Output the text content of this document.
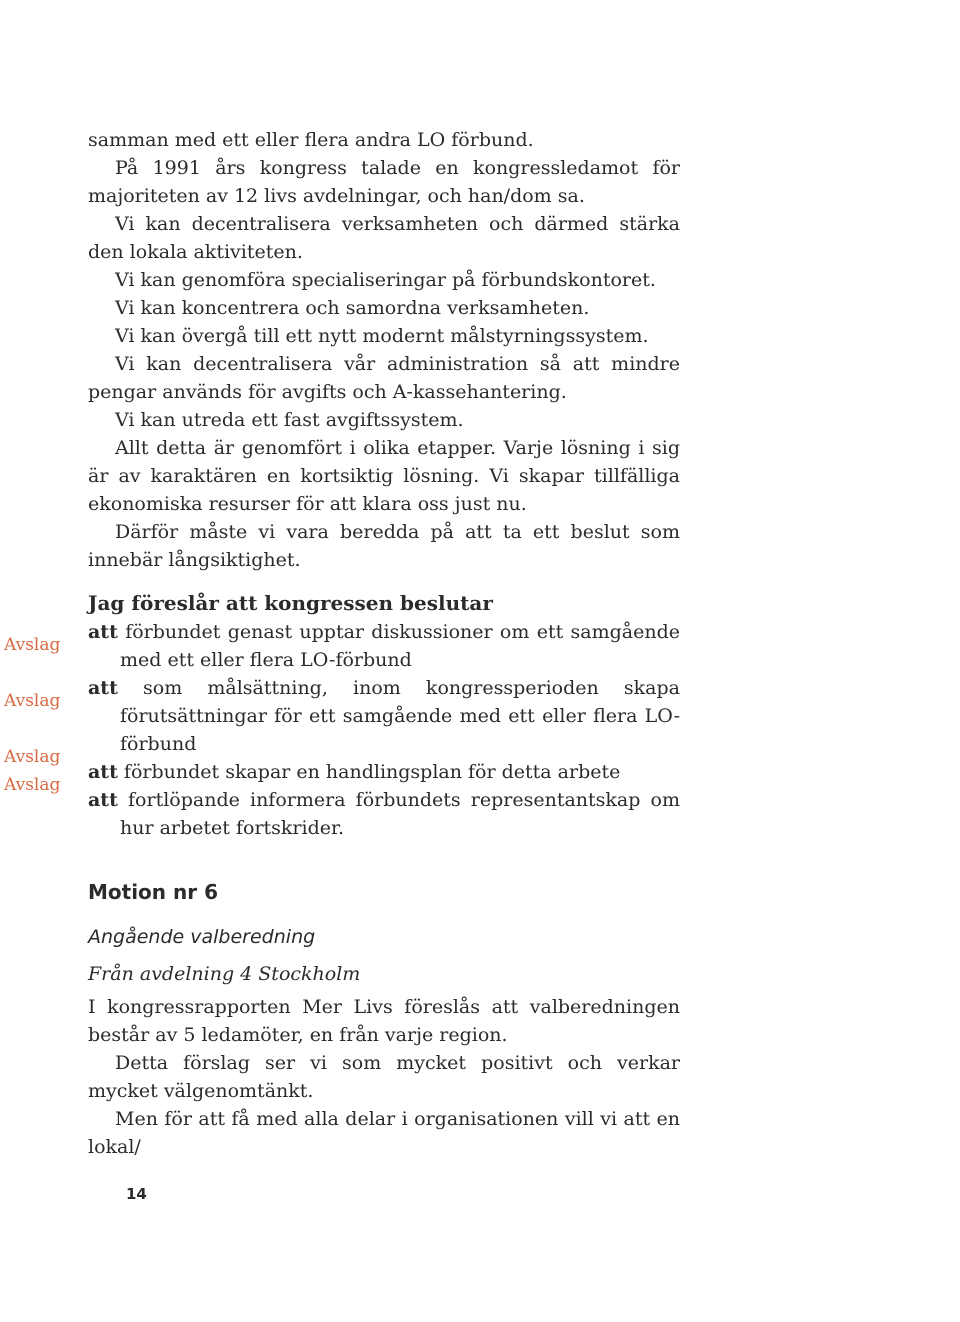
samman med ett eller flera andra LO förbund.

På 1991 års kongress talade en kongressledamot för majoriteten av 12 livs avdelningar, och han/dom sa.

Vi kan decentralisera verksamheten och därmed stärka den lokala aktiviteten.

Vi kan genomföra specialiseringar på förbundskontoret.

Vi kan koncentrera och samordna verksamheten.

Vi kan övergå till ett nytt modernt målstyrningssystem.

Vi kan decentralisera vår administration så att mindre pengar används för avgifts och A-kassehantering.

Vi kan utreda ett fast avgiftssystem.

Allt detta är genomfört i olika etapper. Varje lösning i sig är av karaktären en kortsiktig lösning. Vi skapar tillfälliga ekonomiska resurser för att klara oss just nu.

Därför måste vi vara beredda på att ta ett beslut som innebär långsiktighet.

Jag föreslår att kongressen beslutar

att förbundet genast upptar diskussioner om ett samgående med ett eller flera LO-förbund

att som målsättning, inom kongressperioden skapa förutsättningar för ett samgående med ett eller flera LO-förbund

att förbundet skapar en handlingsplan för detta arbete

att fortlöpande informera förbundets representantskap om hur arbetet fortskrider.

Avslag
Avslag
Avslag
Avslag

Motion nr 6

Angående valberedning

Från avdelning 4 Stockholm

I kongressrapporten Mer Livs föreslås att valberedningen består av 5 ledamöter, en från varje region.

Detta förslag ser vi som mycket positivt och verkar mycket välgenomtänkt.

Men för att få med alla delar i organisationen vill vi att en lokal/

14
